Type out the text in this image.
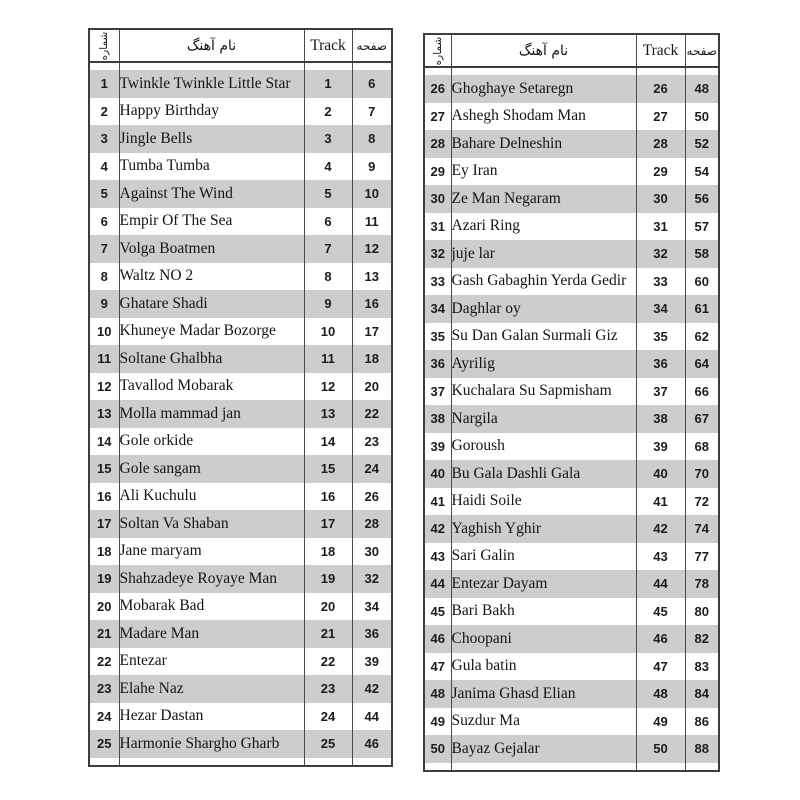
شماره	نام آهنگ	Track	صفحه

1	Twinkle Twinkle Little Star	1	6
2	Happy Birthday	2	7
3	Jingle Bells	3	8
4	Tumba Tumba	4	9
5	Against The Wind	5	10
6	Empir Of The Sea	6	11
7	Volga Boatmen	7	12
8	Waltz NO 2	8	13
9	Ghatare Shadi	9	16
10	Khuneye Madar Bozorge	10	17
11	Soltane Ghalbha	11	18
12	Tavallod Mobarak	12	20
13	Molla mammad jan	13	22
14	Gole orkide	14	23
15	Gole sangam	15	24
16	Ali Kuchulu	16	26
17	Soltan Va Shaban	17	28
18	Jane maryam	18	30
19	Shahzadeye Royaye Man	19	32
20	Mobarak Bad	20	34
21	Madare Man	21	36
22	Entezar	22	39
23	Elahe Naz	23	42
24	Hezar Dastan	24	44
25	Harmonie Shargho Gharb	25	46

شماره	نام آهنگ	Track	صفحه

26	Ghoghaye Setaregn	26	48
27	Ashegh Shodam Man	27	50
28	Bahare Delneshin	28	52
29	Ey Iran	29	54
30	Ze Man Negaram	30	56
31	Azari Ring	31	57
32	juje lar	32	58
33	Gash Gabaghin Yerda Gedir	33	60
34	Daghlar oy	34	61
35	Su Dan Galan Surmali Giz	35	62
36	Ayrilig	36	64
37	Kuchalara Su Sapmisham	37	66
38	Nargila	38	67
39	Goroush	39	68
40	Bu Gala Dashli Gala	40	70
41	Haidi Soile	41	72
42	Yaghish Yghir	42	74
43	Sari Galin	43	77
44	Entezar Dayam	44	78
45	Bari Bakh	45	80
46	Choopani	46	82
47	Gula batin	47	83
48	Janima Ghasd Elian	48	84
49	Suzdur Ma	49	86
50	Bayaz Gejalar	50	88
